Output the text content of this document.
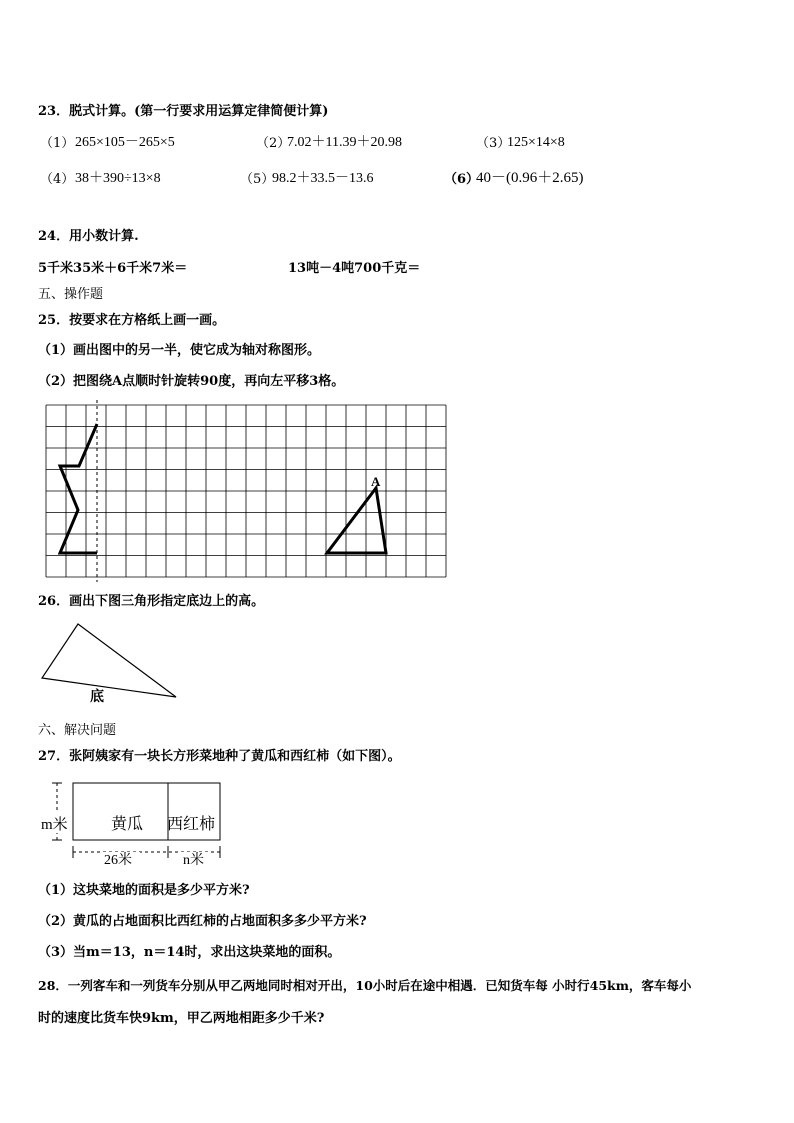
23．脱式计算。(第一行要求用运算定律简便计算)
（1） 265×105－265×5	（2）
7.02＋11.39＋20.98	（3）
125×14×8
（4） 38＋390÷13×8	（5）
98.2＋33.5－13.6	（6）
40－(0.96＋2.65)
24．用小数计算.
5千米35米＋6千米7米＝	13吨－4吨700千克＝
五、操作题
25．按要求在方格纸上画一画。
（1）画出图中的另一半，使它成为轴对称图形。
（2）把图绕A点顺时针旋转90度，再向左平移3格。
A
26．画出下图三角形指定底边上的高。
底
六、解决问题
27．张阿姨家有一块长方形菜地种了黄瓜和西红柿（如下图）。
m米	黄瓜 西红柿
26米	n米
（1）这块菜地的面积是多少平方米?
（2）黄瓜的占地面积比西红柿的占地面积多多少平方米?
（3）当m＝13，n＝14时，求出这块菜地的面积。
28．一列客车和一列货车分别从甲乙两地同时相对开出，10小时后在途中相遇．已知货车每 小时行45km，客车每小
时的速度比货车快9km，甲乙两地相距多少千米?
